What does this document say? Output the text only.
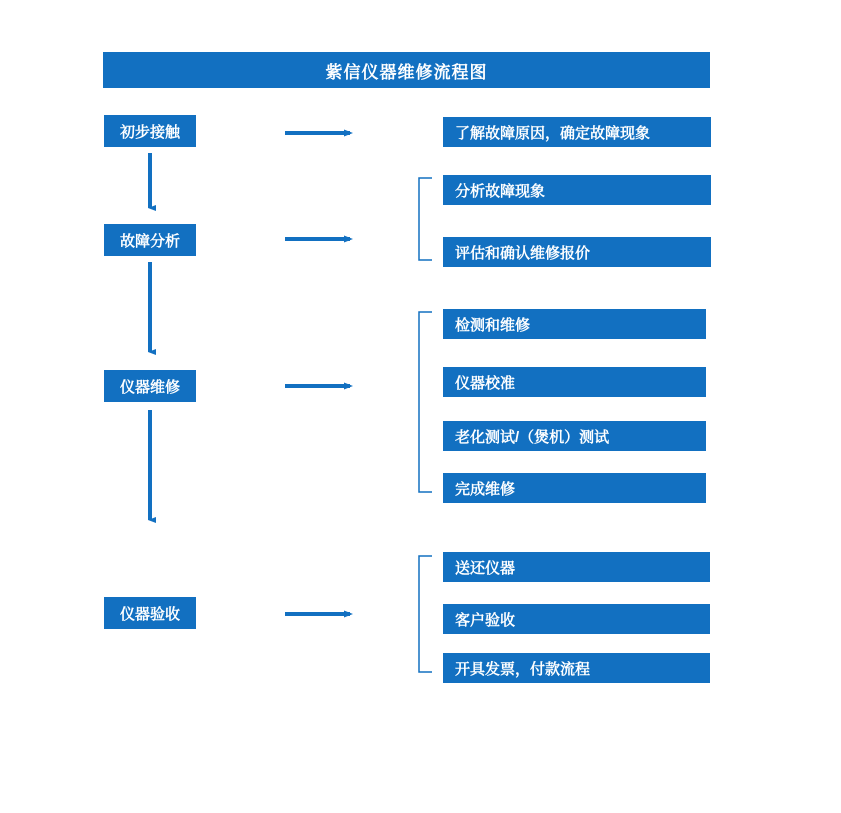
紫信仪器维修流程图
初步接触
故障分析
仪器维修
仪器验收
了解故障原因，确定故障现象
分析故障现象
评估和确认维修报价
检测和维修
仪器校准
老化测试/（煲机）测试
完成维修
送还仪器
客户验收
开具发票，付款流程
